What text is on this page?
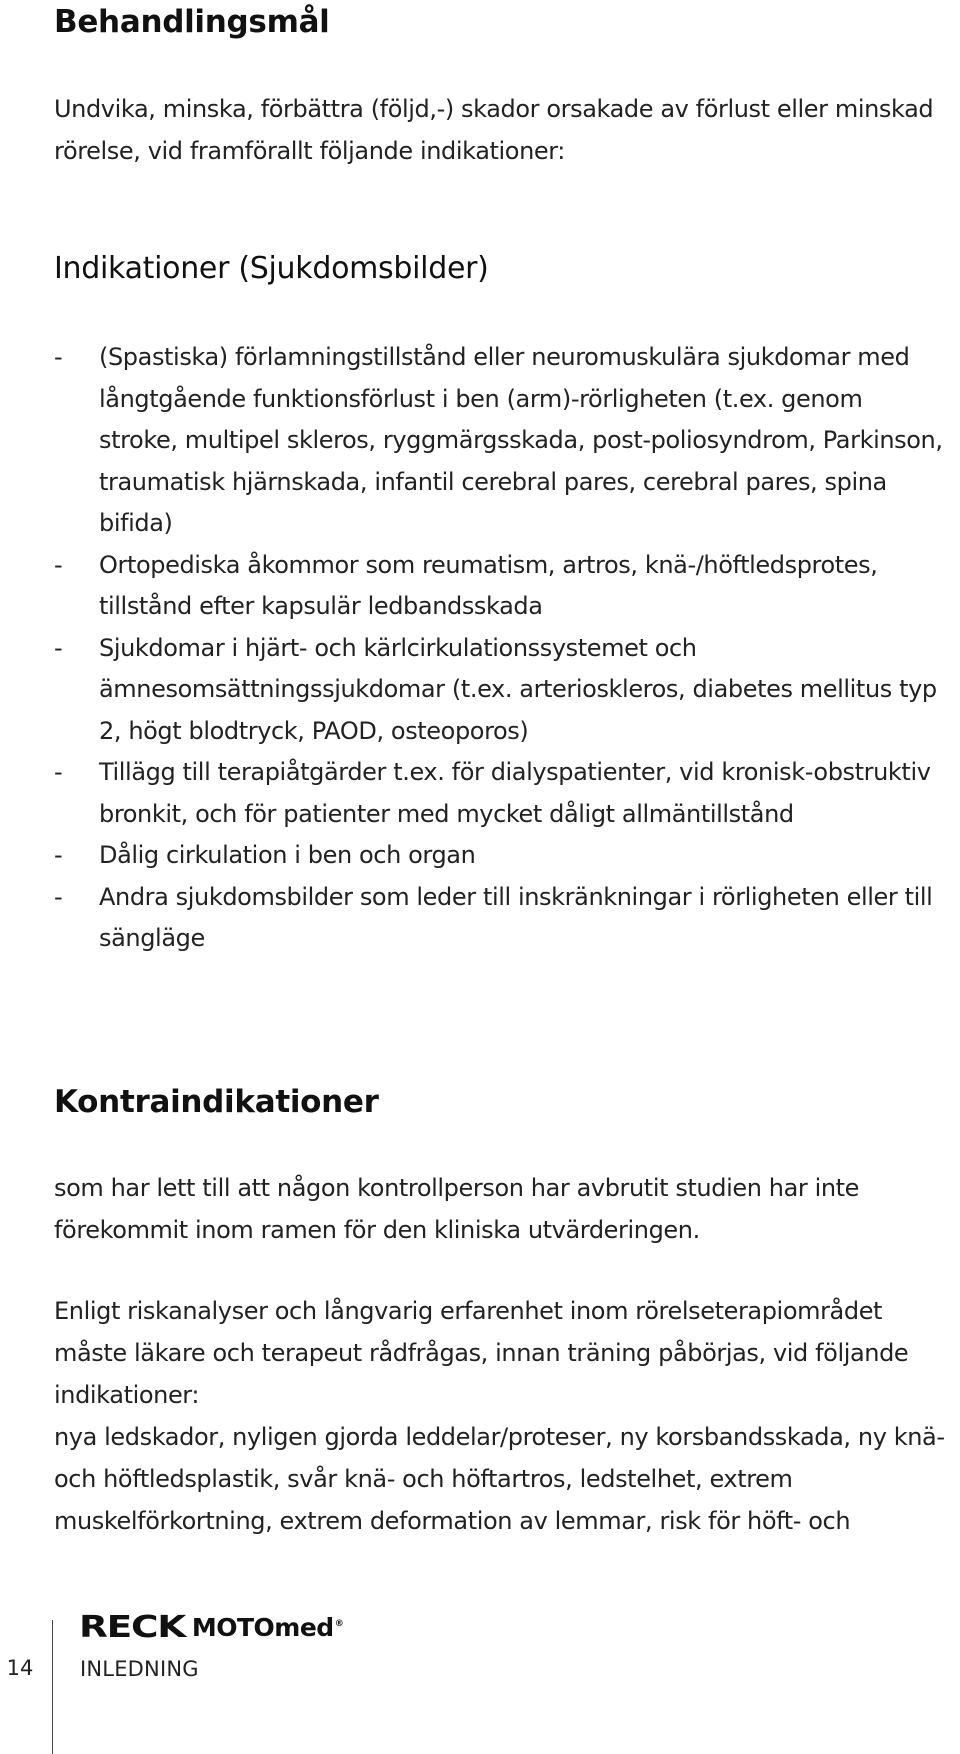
Behandlingsmål

Undvika, minska, förbättra (följd,-) skador orsakade av förlust eller minskad rörelse, vid framförallt följande indikationer:

Indikationer (Sjukdomsbilder)
- (Spastiska) förlamningstillstånd eller neuromuskulära sjukdomar med långtgående funktionsförlust i ben (arm)-rörligheten (t.ex. genom stroke, multipel skleros, ryggmärgsskada, post-poliosyndrom, Parkinson, traumatisk hjärnskada, infantil cerebral pares, cerebral pares, spina bifida)
- Ortopediska åkommor som reumatism, artros, knä-/höftledsprotes, tillstånd efter kapsulär ledbandsskada
- Sjukdomar i hjärt- och kärlcirkulationssystemet och ämnesomsättningssjukdomar (t.ex. arterioskleros, diabetes mellitus typ 2, högt blodtryck, PAOD, osteoporos)
- Tillägg till terapiåtgärder t.ex. för dialyspatienter, vid kronisk-obstruktiv bronkit, och för patienter med mycket dåligt allmäntillstånd
- Dålig cirkulation i ben och organ
- Andra sjukdomsbilder som leder till inskränkningar i rörligheten eller till sängläge
Kontraindikationer

som har lett till att någon kontrollperson har avbrutit studien har inte förekommit inom ramen för den kliniska utvärderingen.

Enligt riskanalyser och långvarig erfarenhet inom rörelseterapiområdet måste läkare och terapeut rådfrågas, innan träning påbörjas, vid följande indikationer:

nya ledskador, nyligen gjorda leddelar/proteser, ny korsbandsskada, ny knä- och höftledsplastik, svår knä- och höftartros, ledstelhet, extrem muskelförkortning, extrem deformation av lemmar, risk för höft- och

14
RECK MOTOmed®
INLEDNING
